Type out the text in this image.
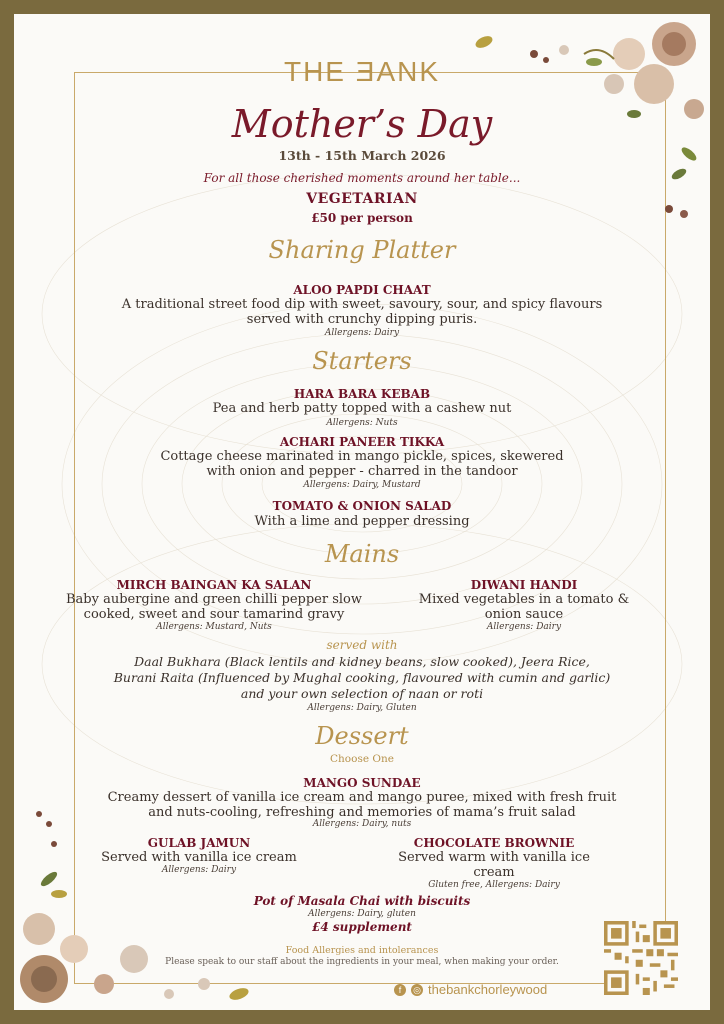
THE ƎANK
Mother’s Day
13th - 15th March 2026
For all those cherished moments around her table...
VEGETARIAN
£50 per person
Sharing Platter
ALOO PAPDI CHAAT
A traditional street food dip with sweet, savoury, sour, and spicy flavours
served with crunchy dipping puris.
Allergens: Dairy
Starters
HARA BARA KEBAB
Pea and herb patty topped with a cashew nut
Allergens: Nuts
ACHARI PANEER TIKKA
Cottage cheese marinated in mango pickle, spices, skewered
with onion and pepper - charred in the tandoor
Allergens: Dairy, Mustard
TOMATO & ONION SALAD
With a lime and pepper dressing
Mains
MIRCH BAINGAN KA SALAN
Baby aubergine and green chilli pepper slow
cooked, sweet and sour tamarind gravy
Allergens: Mustard, Nuts
DIWANI HANDI
Mixed vegetables in a tomato &
onion sauce
Allergens: Dairy
served with
Daal Bukhara (Black lentils and kidney beans, slow cooked), Jeera Rice,
Burani Raita (Influenced by Mughal cooking, flavoured with cumin and garlic)
and your own selection of naan or roti
Allergens: Dairy, Gluten
Dessert
Choose One
MANGO SUNDAE
Creamy dessert of vanilla ice cream and mango puree, mixed with fresh fruit
and nuts-cooling, refreshing and memories of mama’s fruit salad
Allergens: Dairy, nuts
GULAB JAMUN
Served with vanilla ice cream
Allergens: Dairy
CHOCOLATE BROWNIE
Served warm with vanilla ice cream
Gluten free, Allergens: Dairy
Pot of Masala Chai with biscuits
Allergens: Dairy, gluten
£4 supplement
Food Allergies and intolerances
Please speak to our staff about the ingredients in your meal, when making your order.
f	◎ thebankchorleywood
